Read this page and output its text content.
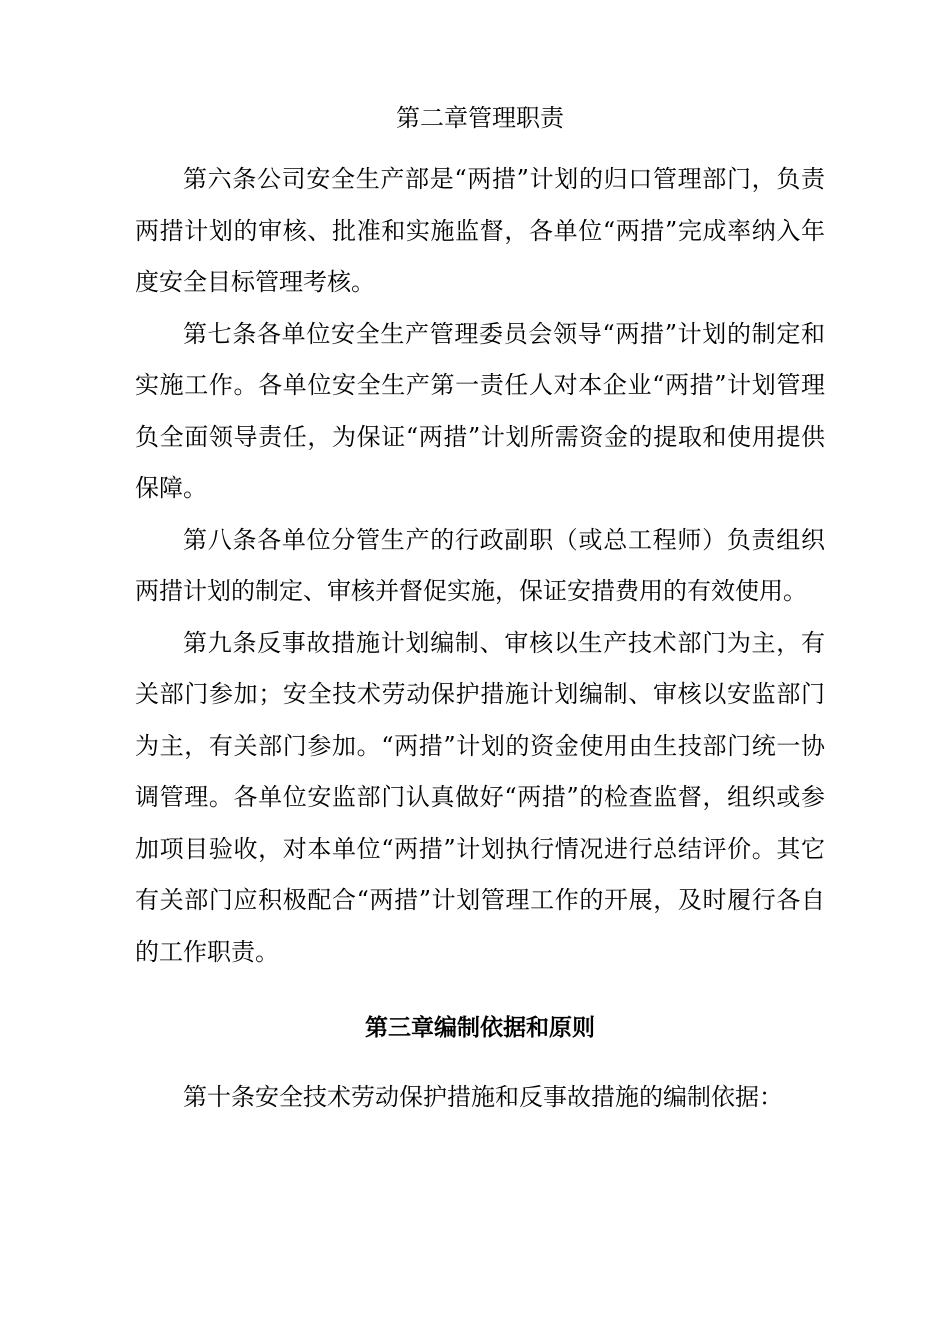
第二章管理职责

第六条公司安全生产部是“两措”计划的归口管理部门，负责两措计划的审核、批准和实施监督，各单位“两措”完成率纳入年度安全目标管理考核。

第七条各单位安全生产管理委员会领导“两措”计划的制定和实施工作。各单位安全生产第一责任人对本企业“两措”计划管理负全面领导责任，为保证“两措”计划所需资金的提取和使用提供保障。

第八条各单位分管生产的行政副职（或总工程师）负责组织两措计划的制定、审核并督促实施，保证安措费用的有效使用。

第九条反事故措施计划编制、审核以生产技术部门为主，有关部门参加；安全技术劳动保护措施计划编制、审核以安监部门为主，有关部门参加。“两措”计划的资金使用由生技部门统一协调管理。各单位安监部门认真做好“两措”的检查监督，组织或参加项目验收，对本单位“两措”计划执行情况进行总结评价。其它有关部门应积极配合“两措”计划管理工作的开展，及时履行各自的工作职责。

第三章编制依据和原则

第十条安全技术劳动保护措施和反事故措施的编制依据：
